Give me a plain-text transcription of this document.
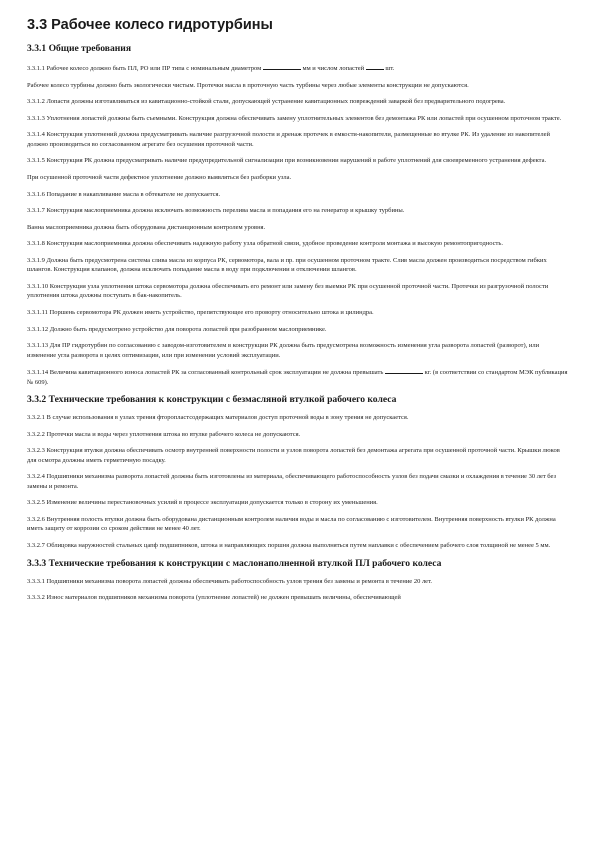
3.3 Рабочее колесо гидротурбины
3.3.1 Общие требования
3.3.1.1 Рабочее колесо должно быть ПЛ, РО или ПР типа с номинальным диаметром	мм и числом лопастей	шт.
Рабочее колесо турбины должно быть экологически чистым. Протечки масла в проточную часть турбины через любые элементы конструкции не допускаются.
3.3.1.2 Лопасти должны изготавливаться из кавитационно-стойкой стали, допускающей устранение кавитационных повреждений заваркой без предварительного подогрева.
3.3.1.3 Уплотнения лопастей должны быть съемными. Конструкция должна обеспечивать замену уплотнительных элементов без демонтажа РК или лопастей при осушенном проточном тракте.
3.3.1.4 Конструкция уплотнений должна предусматривать наличие разгрузочной полости и дренаж протечек в емкости-накопители, размещенные во втулке РК. Из удаление из накопителей должно производиться во согласованном агрегате без осушения проточной части.
3.3.1.5 Конструкция РК должна предусматривать наличие предупредительной сигнализации при возникновении нарушений в работе уплотнений для своевременного устранения дефекта.
При осушенной проточной части дефектное уплотнение должно выявляться без разборки узла.
3.3.1.6 Попадание в накапливание масла в обтекателе не допускается.
3.3.1.7 Конструкция маслоприемника должна исключать возможность перелива масла и попадания его на генератор и крышку турбины.
Ванна маслоприемника должна быть оборудована дистанционным контролем уровня.
3.3.1.8 Конструкция маслоприемника должна обеспечивать надежную работу узла обратной связи, удобное проведение контроля монтажа и высокую ремонтопригодность.
3.3.1.9 Должна быть предусмотрена система слива масла из корпуса РК, сервомотора, вала и пр. при осушенном проточном тракте. Слив масла должен производиться посредством гибких шлангов. Конструкция клапанов, должна исключать попадание масла в воду при подключении и отключении шлангов.
3.3.1.10 Конструкция узла уплотнения штока сервомотора должна обеспечивать его ремонт или замену без выемки РК при осушенной проточной части. Протечки из разгрузочной полости уплотнения штока должны поступать в бак-накопитель.
3.3.1.11 Поршень сервомотора РК должен иметь устройство, препятствующее его проворту относительно штока и цилиндра.
3.3.1.12 Должно быть предусмотрено устройство для поворота лопастей при разобранном маслоприемнике.
3.3.1.13 Для ПР гидротурбин по согласованию с заводом-изготовителем в конструкции РК должна быть предусмотрена возможность изменения угла разворота лопастей (разворот), или изменение угла разворота в целях оптимизации, или при изменении условий эксплуатации.
3.3.1.14 Величина кавитационного износа лопастей РК за согласованный контрольный срок эксплуатации не должна превышать	кг. (в соответствии со стандартом МЭК публикация № 609).
3.3.2 Технические требования к конструкции с безмасляной втулкой рабочего колеса
3.3.2.1 В случае использования в узлах трения фторопластсодержащих материалов доступ проточной воды в зону трения не допускается.
3.3.2.2 Протечки масла и воды через уплотнения штока во втулке рабочего колеса не допускаются.
3.3.2.3 Конструкция втулки должна обеспечивать осмотр внутренней поверхности полости и узлов поворота лопастей без демонтажа агрегата при осушенной проточной части. Крышки люков для осмотра должны иметь герметичную посадку.
3.3.2.4 Подшипники механизма разворота лопастей должны быть изготовлены из материала, обеспечивающего работоспособность узлов без подачи смазки и охлаждения в течение 30 лет без замены и ремонта.
3.3.2.5 Изменение величины перестановочных усилий в процессе эксплуатации допускается только в сторону их уменьшения.
3.3.2.6 Внутренняя полость втулки должна быть оборудована дистанционным контролем наличия воды и масла по согласованию с изготовителем. Внутренняя поверхность втулки РК должна иметь защиту от коррозии со сроком действия не менее 40 лет.
3.3.2.7 Облицовка наружностей стальных цапф подшипников, штока и направляющих поршня должна выполняться путем наплавки с обеспечением рабочего слоя толщиной не менее 5 мм.
3.3.3 Технические требования к конструкции с маслонаполненной втулкой ПЛ рабочего колеса
3.3.3.1 Подшипники механизма поворота лопастей должны обеспечивать работоспособность узлов трения без замены и ремонта в течение 20 лет.
3.3.3.2 Износ материалов подшипников механизма поворота (уплотнение лопастей) не должен превышать величины, обеспечивающей
